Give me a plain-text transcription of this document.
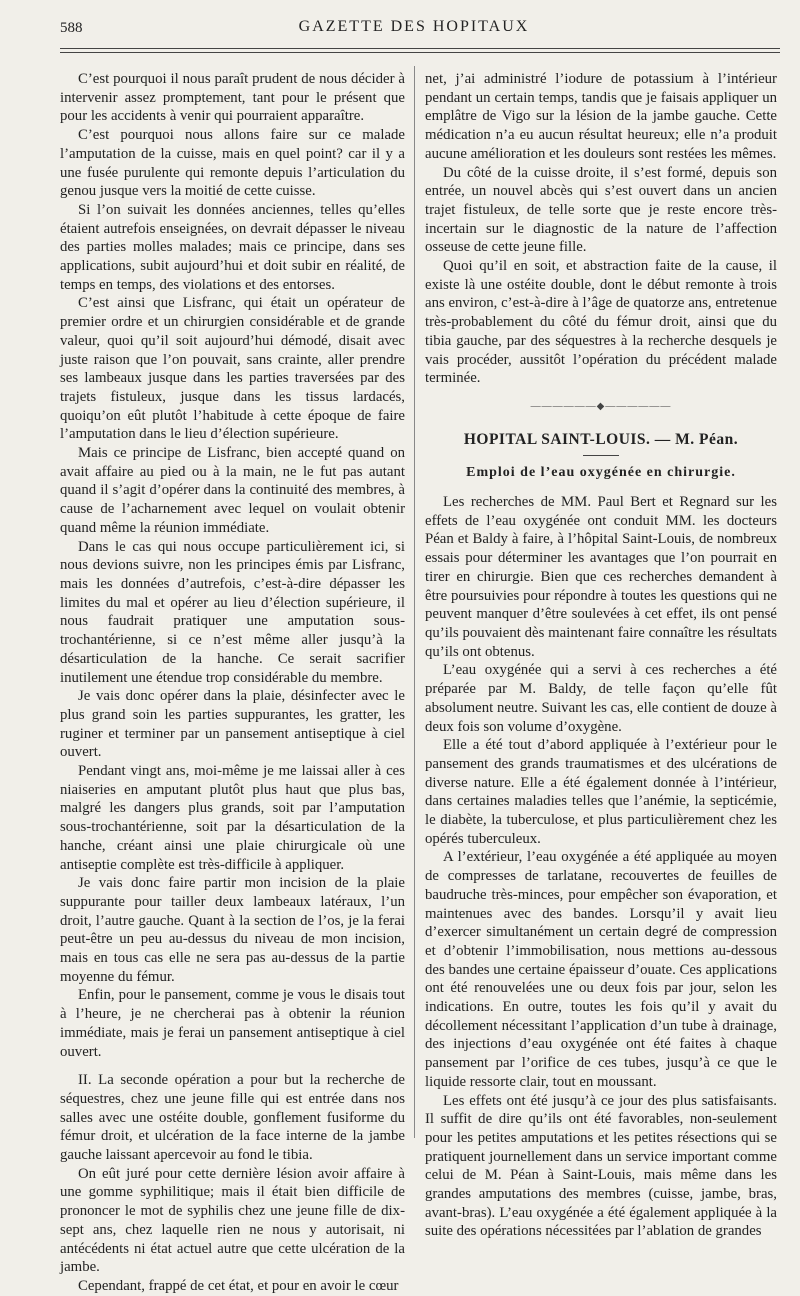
588	GAZETTE DES HOPITAUX

C’est pourquoi il nous paraît prudent de nous décider à intervenir assez promptement, tant pour le présent que pour les accidents à venir qui pourraient apparaître.

C’est pourquoi nous allons faire sur ce malade l’amputation de la cuisse, mais en quel point? car il y a une fusée purulente qui remonte depuis l’articulation du genou jusque vers la moitié de cette cuisse.

Si l’on suivait les données anciennes, telles qu’elles étaient autrefois enseignées, on devrait dépasser le niveau des parties molles malades; mais ce principe, dans ses applications, subit aujourd’hui et doit subir en réalité, de temps en temps, des violations et des entorses.

C’est ainsi que Lisfranc, qui était un opérateur de premier ordre et un chirurgien considérable et de grande valeur, quoi qu’il soit aujourd’hui démodé, disait avec juste raison que l’on pouvait, sans crainte, aller prendre ses lambeaux jusque dans les parties traversées par des trajets fistuleux, jusque dans les tissus lardacés, quoiqu’on eût plutôt l’habitude à cette époque de faire l’amputation dans le lieu d’élection supérieure.

Mais ce principe de Lisfranc, bien accepté quand on avait affaire au pied ou à la main, ne le fut pas autant quand il s’agit d’opérer dans la continuité des membres, à cause de l’acharnement avec lequel on voulait obtenir quand même la réunion immédiate.

Dans le cas qui nous occupe particulièrement ici, si nous devions suivre, non les principes émis par Lisfranc, mais les données d’autrefois, c’est-à-dire dépasser les limites du mal et opérer au lieu d’élection supérieure, il nous faudrait pratiquer une amputation sous-trochantérienne, si ce n’est même aller jusqu’à la désarticulation de la hanche. Ce serait sacrifier inutilement une étendue trop considérable du membre.

Je vais donc opérer dans la plaie, désinfecter avec le plus grand soin les parties suppurantes, les gratter, les ruginer et terminer par un pansement antiseptique à ciel ouvert.

Pendant vingt ans, moi-même je me laissai aller à ces niaiseries en amputant plutôt plus haut que plus bas, malgré les dangers plus grands, soit par l’amputation sous-trochantérienne, soit par la désarticulation de la hanche, créant ainsi une plaie chirurgicale où une antiseptie complète est très-difficile à appliquer.

Je vais donc faire partir mon incision de la plaie suppurante pour tailler deux lambeaux latéraux, l’un droit, l’autre gauche. Quant à la section de l’os, je la ferai peut-être un peu au-dessus du niveau de mon incision, mais en tous cas elle ne sera pas au-dessus de la partie moyenne du fémur.

Enfin, pour le pansement, comme je vous le disais tout à l’heure, je ne chercherai pas à obtenir la réunion immédiate, mais je ferai un pansement antiseptique à ciel ouvert.

II. La seconde opération a pour but la recherche de séquestres, chez une jeune fille qui est entrée dans nos salles avec une ostéite double, gonflement fusiforme du fémur droit, et ulcération de la face interne de la jambe gauche laissant apercevoir au fond le tibia.

On eût juré pour cette dernière lésion avoir affaire à une gomme syphilitique; mais il était bien difficile de prononcer le mot de syphilis chez une jeune fille de dix-sept ans, chez laquelle rien ne nous y autorisait, ni antécédents ni état actuel autre que cette ulcération de la jambe.

Cependant, frappé de cet état, et pour en avoir le cœur

net, j’ai administré l’iodure de potassium à l’intérieur pendant un certain temps, tandis que je faisais appliquer un emplâtre de Vigo sur la lésion de la jambe gauche. Cette médication n’a eu aucun résultat heureux; elle n’a produit aucune amélioration et les douleurs sont restées les mêmes.

Du côté de la cuisse droite, il s’est formé, depuis son entrée, un nouvel abcès qui s’est ouvert dans un ancien trajet fistuleux, de telle sorte que je reste encore très-incertain sur le diagnostic de la nature de l’affection osseuse de cette jeune fille.

Quoi qu’il en soit, et abstraction faite de la cause, il existe là une ostéite double, dont le début remonte à trois ans environ, c’est-à-dire à l’âge de quatorze ans, entretenue très-probablement du côté du fémur droit, ainsi que du tibia gauche, par des séquestres à la recherche desquels je vais procéder, aussitôt l’opération du précédent malade terminée.

——————◆——————
HOPITAL SAINT-LOUIS. — M. Péan.
Emploi de l’eau oxygénée en chirurgie.

Les recherches de MM. Paul Bert et Regnard sur les effets de l’eau oxygénée ont conduit MM. les docteurs Péan et Baldy à faire, à l’hôpital Saint-Louis, de nombreux essais pour déterminer les avantages que l’on pourrait en tirer en chirurgie. Bien que ces recherches demandent à être poursuivies pour répondre à toutes les questions qui ne peuvent manquer d’être soulevées à cet effet, ils ont pensé qu’ils pouvaient dès maintenant faire connaître les résultats qu’ils ont obtenus.

L’eau oxygénée qui a servi à ces recherches a été préparée par M. Baldy, de telle façon qu’elle fût absolument neutre. Suivant les cas, elle contient de douze à deux fois son volume d’oxygène.

Elle a été tout d’abord appliquée à l’extérieur pour le pansement des grands traumatismes et des ulcérations de diverse nature. Elle a été également donnée à l’intérieur, dans certaines maladies telles que l’anémie, la septicémie, le diabète, la tuberculose, et plus particulièrement chez les opérés tuberculeux.

A l’extérieur, l’eau oxygénée a été appliquée au moyen de compresses de tarlatane, recouvertes de feuilles de baudruche très-minces, pour empêcher son évaporation, et maintenues avec des bandes. Lorsqu’il y avait lieu d’exercer simultanément un certain degré de compression et d’obtenir l’immobilisation, nous mettions au-dessous des bandes une certaine épaisseur d’ouate. Ces applications ont été renouvelées une ou deux fois par jour, selon les indications. En outre, toutes les fois qu’il y avait du décollement nécessitant l’application d’un tube à drainage, des injections d’eau oxygénée ont été faites à chaque pansement par l’orifice de ces tubes, jusqu’à ce que le liquide ressorte clair, tout en moussant.

Les effets ont été jusqu’à ce jour des plus satisfaisants. Il suffit de dire qu’ils ont été favorables, non-seulement pour les petites amputations et les petites résections qui se pratiquent journellement dans un service important comme celui de M. Péan à Saint-Louis, mais même dans les grandes amputations des membres (cuisse, jambe, bras, avant-bras). L’eau oxygénée a été également appliquée à la suite des opérations nécessitées par l’ablation de grandes
